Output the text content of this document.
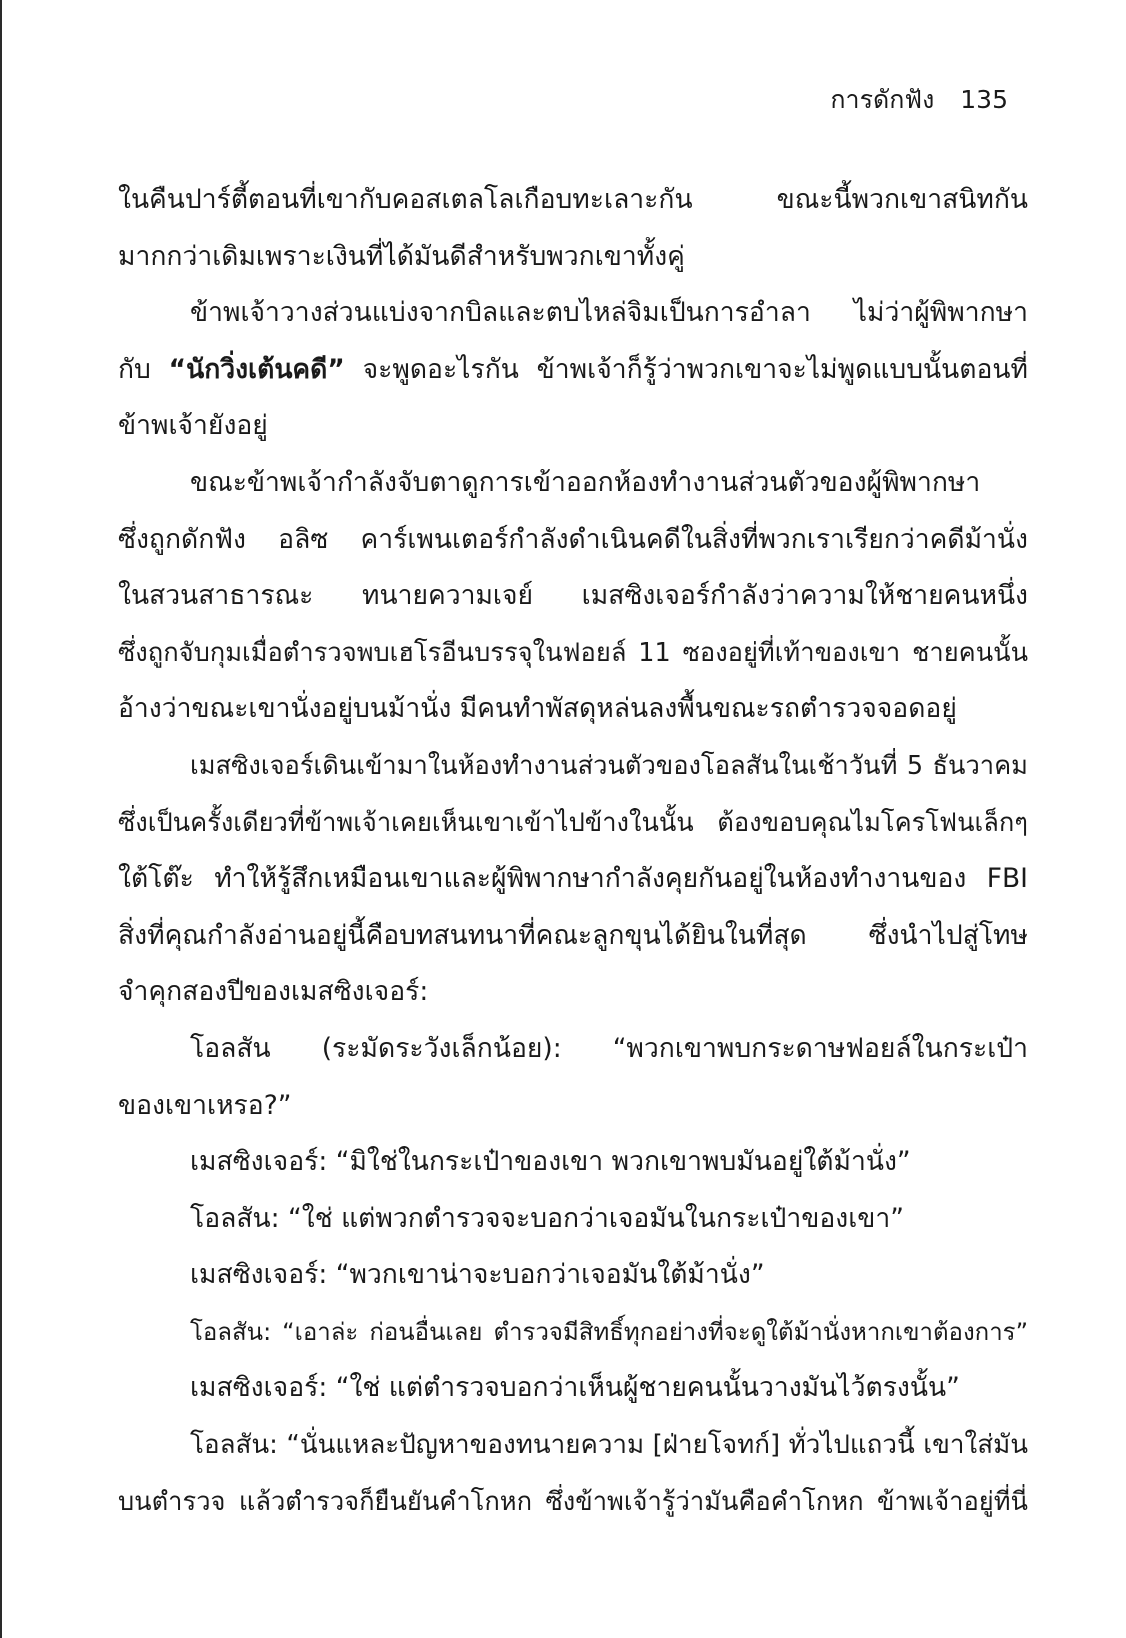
การดักฟัง 135
ในคืนปาร์ตี้ตอนที่เขากับคอสเตลโลเกือบทะเลาะกัน ขณะนี้พวกเขาสนิทกัน
มากกว่าเดิมเพราะเงินที่ได้มันดีสำหรับพวกเขาทั้งคู่
ข้าพเจ้าวางส่วนแบ่งจากบิลและตบไหล่จิมเป็นการอำลา ไม่ว่าผู้พิพากษา
กับ “นักวิ่งเต้นคดี” จะพูดอะไรกัน ข้าพเจ้าก็รู้ว่าพวกเขาจะไม่พูดแบบนั้นตอนที่
ข้าพเจ้ายังอยู่
ขณะข้าพเจ้ากำลังจับตาดูการเข้าออกห้องทำงานส่วนตัวของผู้พิพากษา
ซึ่งถูกดักฟัง อลิซ คาร์เพนเตอร์กำลังดำเนินคดีในสิ่งที่พวกเราเรียกว่าคดีม้านั่ง
ในสวนสาธารณะ ทนายความเจย์ เมสซิงเจอร์กำลังว่าความให้ชายคนหนึ่ง
ซึ่งถูกจับกุมเมื่อตำรวจพบเฮโรอีนบรรจุในฟอยล์ 11 ซองอยู่ที่เท้าของเขา ชายคนนั้น
อ้างว่าขณะเขานั่งอยู่บนม้านั่ง มีคนทำพัสดุหล่นลงพื้นขณะรถตำรวจจอดอยู่
เมสซิงเจอร์เดินเข้ามาในห้องทำงานส่วนตัวของโอลสันในเช้าวันที่ 5 ธันวาคม
ซึ่งเป็นครั้งเดียวที่ข้าพเจ้าเคยเห็นเขาเข้าไปข้างในนั้น ต้องขอบคุณไมโครโฟนเล็กๆ
ใต้โต๊ะ ทำให้รู้สึกเหมือนเขาและผู้พิพากษากำลังคุยกันอยู่ในห้องทำงานของ FBI
สิ่งที่คุณกำลังอ่านอยู่นี้คือบทสนทนาที่คณะลูกขุนได้ยินในที่สุด ซึ่งนำไปสู่โทษ
จำคุกสองปีของเมสซิงเจอร์:
โอลสัน (ระมัดระวังเล็กน้อย): “พวกเขาพบกระดาษฟอยล์ในกระเป๋า
ของเขาเหรอ?”
เมสซิงเจอร์: “มิใช่ในกระเป๋าของเขา พวกเขาพบมันอยู่ใต้ม้านั่ง”
โอลสัน: “ใช่ แต่พวกตำรวจจะบอกว่าเจอมันในกระเป๋าของเขา”
เมสซิงเจอร์: “พวกเขาน่าจะบอกว่าเจอมันใต้ม้านั่ง”
โอลสัน: “เอาล่ะ ก่อนอื่นเลย ตำรวจมีสิทธิ์ทุกอย่างที่จะดูใต้ม้านั่งหากเขาต้องการ”
เมสซิงเจอร์: “ใช่ แต่ตำรวจบอกว่าเห็นผู้ชายคนนั้นวางมันไว้ตรงนั้น”
โอลสัน: “นั่นแหละปัญหาของทนายความ [ฝ่ายโจทก์] ทั่วไปแถวนี้ เขาใส่มัน
บนตำรวจ แล้วตำรวจก็ยืนยันคำโกหก ซึ่งข้าพเจ้ารู้ว่ามันคือคำโกหก ข้าพเจ้าอยู่ที่นี่
